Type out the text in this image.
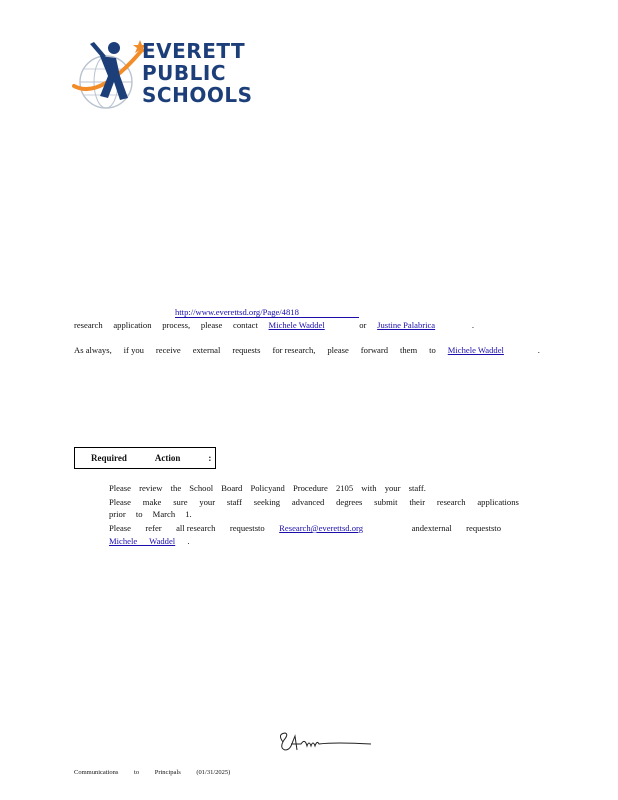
EVERETT
PUBLIC
SCHOOLS
http://www.everettsd.org/Page/4818
research application process, please contact Michele Waddel	or Justine Palabrica	.
As always, if you receive external requests for research, please forward them to Michele Waddel	.
Required	Action	:
Please review the School Board Policyand Procedure 2105 with your staff.
Please make sure your staff seeking advanced degrees submit their research applications
prior to March 1.
Please refer all research requeststo Research@everettsd.org	andexternal requeststo
Michele Waddel .
Communications to Principals (01/31/2025)
